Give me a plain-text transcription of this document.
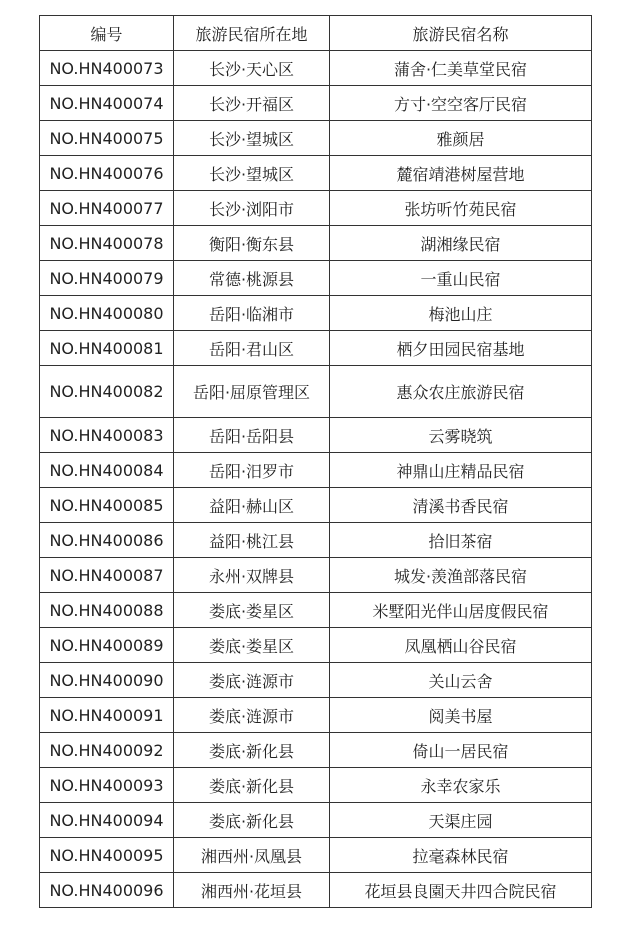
编号	旅游民宿所在地	旅游民宿名称
NO.HN400073	长沙·天心区	蒲舍·仁美草堂民宿
NO.HN400074	长沙·开福区	方寸·空空客厅民宿
NO.HN400075	长沙·望城区	雅颜居
NO.HN400076	长沙·望城区	麓宿靖港树屋营地
NO.HN400077	长沙·浏阳市	张坊听竹苑民宿
NO.HN400078	衡阳·衡东县	湖湘缘民宿
NO.HN400079	常德·桃源县	一重山民宿
NO.HN400080	岳阳·临湘市	梅池山庄
NO.HN400081	岳阳·君山区	栖夕田园民宿基地
NO.HN400082	岳阳·屈原管理区	惠众农庄旅游民宿
NO.HN400083	岳阳·岳阳县	云雾晓筑
NO.HN400084	岳阳·汨罗市	神鼎山庄精品民宿
NO.HN400085	益阳·赫山区	清溪书香民宿
NO.HN400086	益阳·桃江县	拾旧茶宿
NO.HN400087	永州·双牌县	城发·羡渔部落民宿
NO.HN400088	娄底·娄星区	米墅阳光伴山居度假民宿
NO.HN400089	娄底·娄星区	凤凰栖山谷民宿
NO.HN400090	娄底·涟源市	关山云舍
NO.HN400091	娄底·涟源市	阅美书屋
NO.HN400092	娄底·新化县	倚山一居民宿
NO.HN400093	娄底·新化县	永幸农家乐
NO.HN400094	娄底·新化县	天渠庄园
NO.HN400095	湘西州·凤凰县	拉毫森林民宿
NO.HN400096	湘西州·花垣县	花垣县良園天井四合院民宿
